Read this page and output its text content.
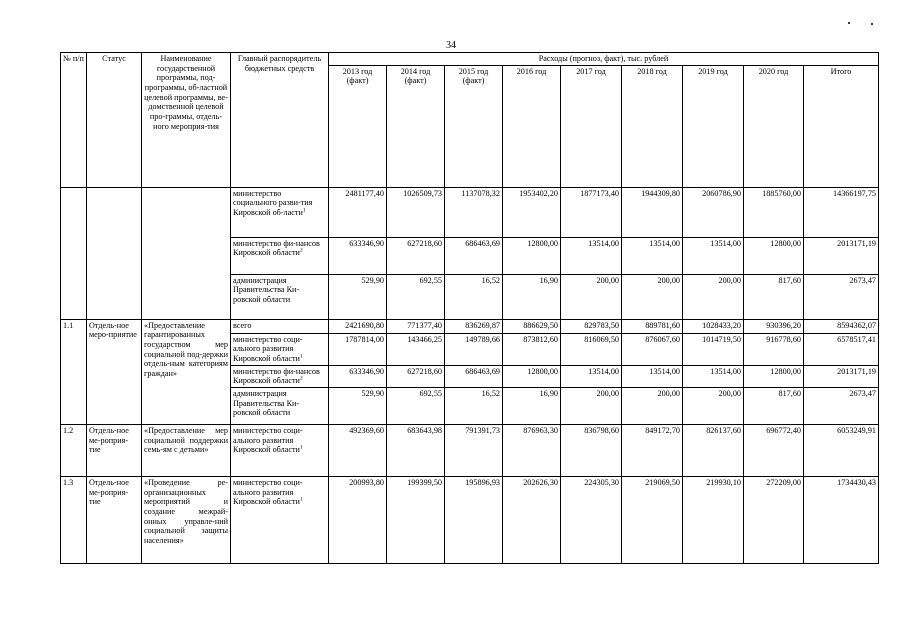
34
№ п/п	Статус	Наименование государственной программы, под-программы, об-ластной целевой программы, ве-домственной целевой про-граммы, отдель-ного мероприя-тия	Главный распорядитель бюджетных средств	Расходы (прогноз, факт), тыс. рублей								
				2013 год (факт)	2014 год (факт)	2015 год (факт)	2016 год	2017 год	2018 год	2019 год	2020 год	Итого
			министерство социального разви-тия Кировской об-ласти$^1$	2481177,40	1026509,73	1137078,32	1953402,20	1877173,40	1944309,80	2060786,90	1885760,00	14366197,75
			министерство фи-нансов Кировской области$^2$	633346,90	627218,60	686463,69	12800,00	13514,00	13514,00	13514,00	12800,00	2013171,19
			администрация Правительства Ки-ровской области	529,90	692,55	16,52	16,90	200,00	200,00	200,00	817,60	2673,47
1.1	Отдель-ное меро-приятие	«Предоставление гарантированных государством мер социальной под-держки отдель-ным категориям граждан»	всего	2421690,80	771377,40	836269,87	886629,50	829783,50	889781,60	1028433,20	930396,20	8594362,07
			министерство соци-ального развития Кировской области$^1$	1787814,00	143466,25	149789,66	873812,60	816069,50	876067,60	1014719,50	916778,60	6578517,41
			министерство фи-нансов Кировской области$^2$	633346,90	627218,60	686463,69	12800,00	13514,00	13514,00	13514,00	12800,00	2013171,19
			администрация Правительства Ки-ровской области	529,90	692,55	16,52	16,90	200,00	200,00	200,00	817,60	2673,47
1.2	Отдель-ное ме-роприя-тие	«Предоставление мер социальной поддержки семь-ям с детьми»	министерство соци-ального развития Кировской области$^1$	492369,60	683643,98	791391,73	876963,30	836798,60	849172,70	826137,60	696772,40	6053249,91
1.3	Отдель-ное ме-роприя-тие	«Проведение ре-организационных мероприятий и создание межрай-онных управле-ний социальной защиты населения»	министерство соци-ального развития Кировской области$^1$	200993,80	199399,50	195896,93	202626,30	224305,30	219069,50	219930,10	272209,00	1734430,43
